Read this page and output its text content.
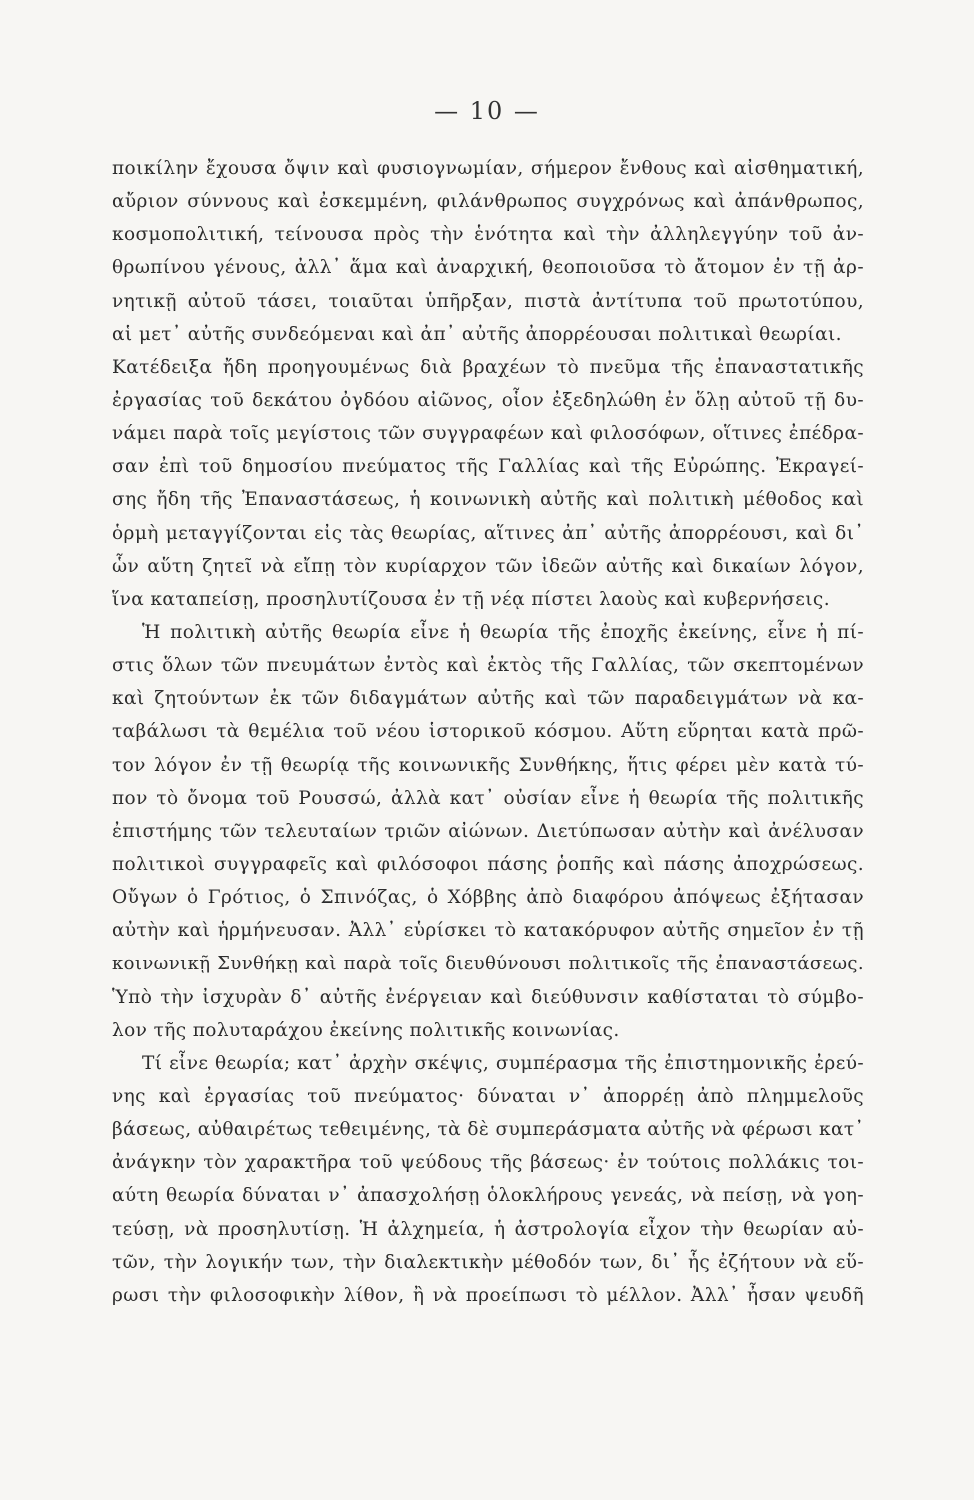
— 10 —
ποικίλην ἔχουσα ὄψιν καὶ φυσιογνωμίαν, σήμερον ἔνθους καὶ αἰσθηματική,
αὔριον σύννους καὶ ἐσκεμμένη, φιλάνθρωπος συγχρόνως καὶ ἀπάνθρωπος,
κοσμοπολιτική, τείνουσα πρὸς τὴν ἑνότητα καὶ τὴν ἀλληλεγγύην τοῦ ἀν-
θρωπίνου γένους, ἀλλ᾿ ἅμα καὶ ἀναρχική, θεοποιοῦσα τὸ ἄτομον ἐν τῇ ἀρ-
νητικῇ αὐτοῦ τάσει, τοιαῦται ὑπῆρξαν, πιστὰ ἀντίτυπα τοῦ πρωτοτύπου,
αἱ μετ᾿ αὐτῆς συνδεόμεναι καὶ ἀπ᾿ αὐτῆς ἀπορρέουσαι πολιτικαὶ θεωρίαι.
Κατέδειξα ἤδη προηγουμένως διὰ βραχέων τὸ πνεῦμα τῆς ἐπαναστατικῆς
ἐργασίας τοῦ δεκάτου ὀγδόου αἰῶνος, οἷον ἐξεδηλώθη ἐν ὅλῃ αὐτοῦ τῇ δυ-
νάμει παρὰ τοῖς μεγίστοις τῶν συγγραφέων καὶ φιλοσόφων, οἵτινες ἐπέδρα-
σαν ἐπὶ τοῦ δημοσίου πνεύματος τῆς Γαλλίας καὶ τῆς Εὐρώπης. Ἐκραγεί-
σης ἤδη τῆς Ἐπαναστάσεως, ἡ κοινωνικὴ αὐτῆς καὶ πολιτικὴ μέθοδος καὶ
ὁρμὴ μεταγγίζονται εἰς τὰς θεωρίας, αἵτινες ἀπ᾿ αὐτῆς ἀπορρέουσι, καὶ δι᾿
ὧν αὕτη ζητεῖ νὰ εἴπῃ τὸν κυρίαρχον τῶν ἰδεῶν αὐτῆς καὶ δικαίων λόγον,
ἵνα καταπείσῃ, προσηλυτίζουσα ἐν τῇ νέᾳ πίστει λαοὺς καὶ κυβερνήσεις.
Ἡ πολιτικὴ αὐτῆς θεωρία εἶνε ἡ θεωρία τῆς ἐποχῆς ἐκείνης, εἶνε ἡ πί-
στις ὅλων τῶν πνευμάτων ἐντὸς καὶ ἐκτὸς τῆς Γαλλίας, τῶν σκεπτομένων
καὶ ζητούντων ἐκ τῶν διδαγμάτων αὐτῆς καὶ τῶν παραδειγμάτων νὰ κα-
ταβάλωσι τὰ θεμέλια τοῦ νέου ἱστορικοῦ κόσμου. Αὕτη εὕρηται κατὰ πρῶ-
τον λόγον ἐν τῇ θεωρίᾳ τῆς κοινωνικῆς Συνθήκης, ἥτις φέρει μὲν κατὰ τύ-
πον τὸ ὄνομα τοῦ Ρουσσώ, ἀλλὰ κατ᾿ οὐσίαν εἶνε ἡ θεωρία τῆς πολιτικῆς
ἐπιστήμης τῶν τελευταίων τριῶν αἰώνων. Διετύπωσαν αὐτὴν καὶ ἀνέλυσαν
πολιτικοὶ συγγραφεῖς καὶ φιλόσοφοι πάσης ῥοπῆς καὶ πάσης ἀποχρώσεως.
Οὔγων ὁ Γρότιος, ὁ Σπινόζας, ὁ Χόββης ἀπὸ διαφόρου ἀπόψεως ἐξήτασαν
αὐτὴν καὶ ἡρμήνευσαν. Ἀλλ᾿ εὑρίσκει τὸ κατακόρυφον αὐτῆς σημεῖον ἐν τῇ
κοινωνικῇ Συνθήκῃ καὶ παρὰ τοῖς διευθύνουσι πολιτικοῖς τῆς ἐπαναστάσεως.
Ὑπὸ τὴν ἰσχυρὰν δ᾿ αὐτῆς ἐνέργειαν καὶ διεύθυνσιν καθίσταται τὸ σύμβο-
λον τῆς πολυταράχου ἐκείνης πολιτικῆς κοινωνίας.
Τί εἶνε θεωρία; κατ᾿ ἀρχὴν σκέψις, συμπέρασμα τῆς ἐπιστημονικῆς ἐρεύ-
νης καὶ ἐργασίας τοῦ πνεύματος· δύναται ν᾿ ἀπορρέῃ ἀπὸ πλημμελοῦς
βάσεως, αὐθαιρέτως τεθειμένης, τὰ δὲ συμπεράσματα αὐτῆς νὰ φέρωσι κατ᾿
ἀνάγκην τὸν χαρακτῆρα τοῦ ψεύδους τῆς βάσεως· ἐν τούτοις πολλάκις τοι-
αύτη θεωρία δύναται ν᾿ ἀπασχολήσῃ ὁλοκλήρους γενεάς, νὰ πείσῃ, νὰ γοη-
τεύσῃ, νὰ προσηλυτίσῃ. Ἡ ἀλχημεία, ἡ ἀστρολογία εἶχον τὴν θεωρίαν αὐ-
τῶν, τὴν λογικήν των, τὴν διαλεκτικὴν μέθοδόν των, δι᾿ ἧς ἐζήτουν νὰ εὕ-
ρωσι τὴν φιλοσοφικὴν λίθον, ἢ νὰ προείπωσι τὸ μέλλον. Ἀλλ᾿ ἦσαν ψευδῆ
